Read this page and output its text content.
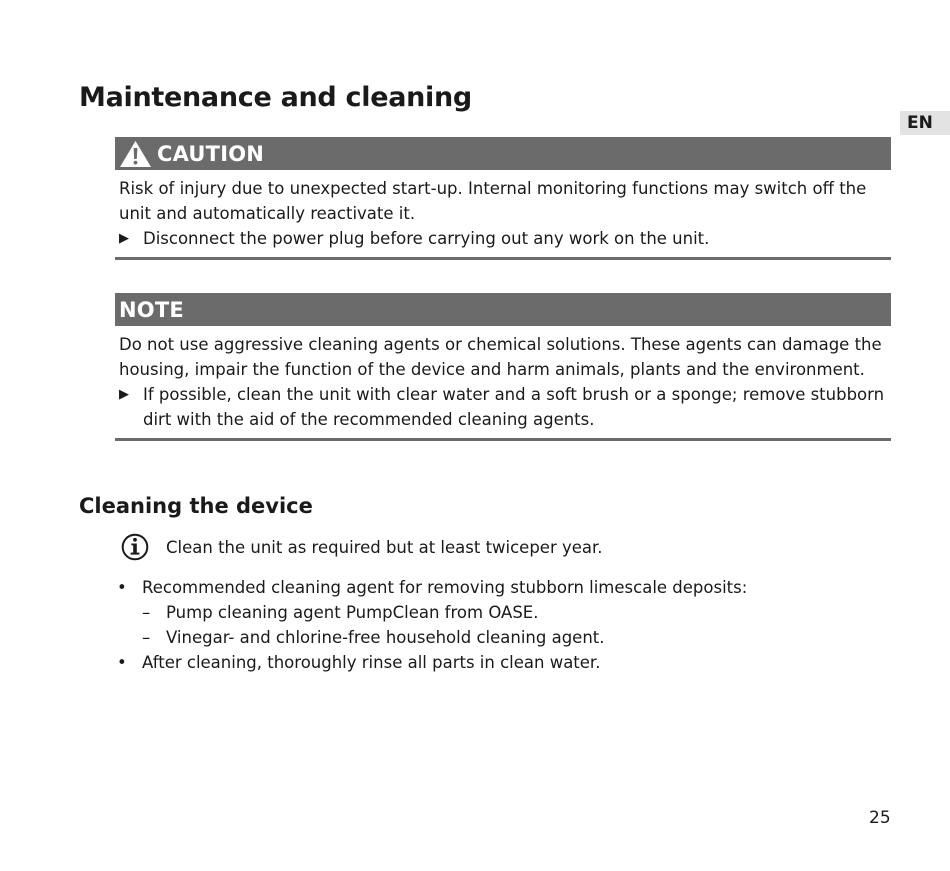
Maintenance and cleaning
EN
CAUTION

Risk of injury due to unexpected start-up. Internal monitoring functions may switch off the unit and automatically reactivate it.

▶ Disconnect the power plug before carrying out any work on the unit.
NOTE

Do not use aggressive cleaning agents or chemical solutions. These agents can damage the housing, impair the function of the device and harm animals, plants and the environment.

▶ If possible, clean the unit with clear water and a soft brush or a sponge; remove stubborn dirt with the aid of the recommended cleaning agents.
Cleaning the device
Clean the unit as required but at least twiceper year.
• Recommended cleaning agent for removing stubborn limescale deposits:
– Pump cleaning agent PumpClean from OASE.
– Vinegar- and chlorine-free household cleaning agent.
• After cleaning, thoroughly rinse all parts in clean water.
25
